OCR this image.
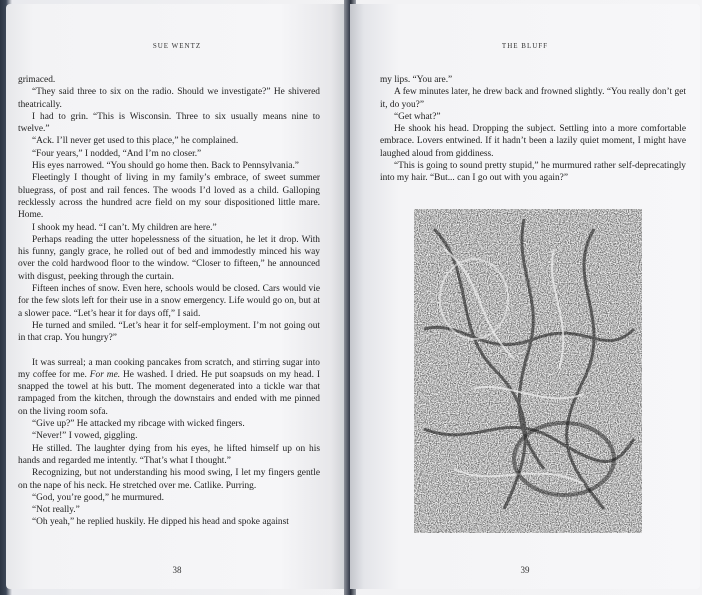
SUE WENTZ

grimaced.

“They said three to six on the radio. Should we investigate?” He shivered theatrically.

I had to grin. “This is Wisconsin. Three to six usually means nine to twelve.”

“Ack. I’ll never get used to this place,” he complained.

“Four years,” I nodded, “And I’m no closer.”

His eyes narrowed. “You should go home then. Back to Pennsylvania.”

Fleetingly I thought of living in my family’s embrace, of sweet summer bluegrass, of post and rail fences. The woods I’d loved as a child. Galloping recklessly across the hundred acre field on my sour dispositioned little mare. Home.

I shook my head. “I can’t. My children are here.”

Perhaps reading the utter hopelessness of the situation, he let it drop. With his funny, gangly grace, he rolled out of bed and immodestly minced his way over the cold hardwood floor to the window. “Closer to fifteen,” he announced with disgust, peeking through the curtain.

Fifteen inches of snow. Even here, schools would be closed. Cars would vie for the few slots left for their use in a snow emergency. Life would go on, but at a slower pace. “Let’s hear it for days off,” I said.

He turned and smiled. “Let’s hear it for self-employment. I’m not going out in that crap. You hungry?”

It was surreal; a man cooking pancakes from scratch, and stirring sugar into my coffee for me. For me. He washed. I dried. He put soapsuds on my head. I snapped the towel at his butt. The moment degenerated into a tickle war that rampaged from the kitchen, through the downstairs and ended with me pinned on the living room sofa.

“Give up?” He attacked my ribcage with wicked fingers.

“Never!” I vowed, giggling.

He stilled. The laughter dying from his eyes, he lifted himself up on his hands and regarded me intently. “That’s what I thought.”

Recognizing, but not understanding his mood swing, I let my fingers gentle on the nape of his neck. He stretched over me. Catlike. Purring.

“God, you’re good,” he murmured.

“Not really.”

“Oh yeah,” he replied huskily. He dipped his head and spoke against

38
THE BLUFF

my lips. “You are.”

A few minutes later, he drew back and frowned slightly. “You really don’t get it, do you?”

“Get what?”

He shook his head. Dropping the subject. Settling into a more comfortable embrace. Lovers entwined. If it hadn’t been a lazily quiet moment, I might have laughed aloud from giddiness.

“This is going to sound pretty stupid,” he murmured rather self-deprecatingly into my hair. “But... can I go out with you again?”

39
